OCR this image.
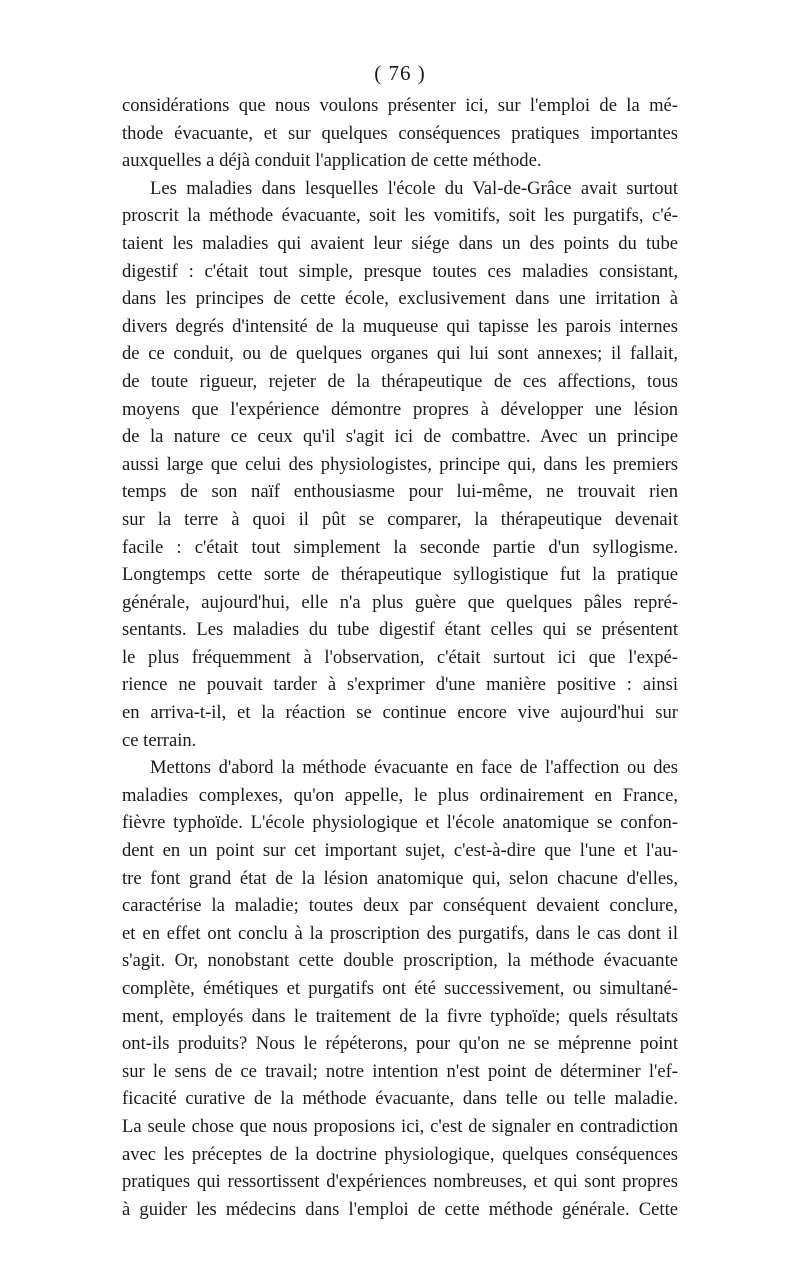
( 76 )
considérations que nous voulons présenter ici, sur l'emploi de la mé-
thode évacuante, et sur quelques conséquences pratiques importantes
auxquelles a déjà conduit l'application de cette méthode.
Les maladies dans lesquelles l'école du Val-de-Grâce avait surtout
proscrit la méthode évacuante, soit les vomitifs, soit les purgatifs, c'é-
taient les maladies qui avaient leur siége dans un des points du tube
digestif : c'était tout simple, presque toutes ces maladies consistant,
dans les principes de cette école, exclusivement dans une irritation à
divers degrés d'intensité de la muqueuse qui tapisse les parois internes
de ce conduit, ou de quelques organes qui lui sont annexes; il fallait,
de toute rigueur, rejeter de la thérapeutique de ces affections, tous
moyens que l'expérience démontre propres à développer une lésion
de la nature ce ceux qu'il s'agit ici de combattre. Avec un principe
aussi large que celui des physiologistes, principe qui, dans les premiers
temps de son naïf enthousiasme pour lui-même, ne trouvait rien
sur la terre à quoi il pût se comparer, la thérapeutique devenait
facile : c'était tout simplement la seconde partie d'un syllogisme.
Longtemps cette sorte de thérapeutique syllogistique fut la pratique
générale, aujourd'hui, elle n'a plus guère que quelques pâles repré-
sentants. Les maladies du tube digestif étant celles qui se présentent
le plus fréquemment à l'observation, c'était surtout ici que l'expé-
rience ne pouvait tarder à s'exprimer d'une manière positive : ainsi
en arriva-t-il, et la réaction se continue encore vive aujourd'hui sur
ce terrain.
Mettons d'abord la méthode évacuante en face de l'affection ou des
maladies complexes, qu'on appelle, le plus ordinairement en France,
fièvre typhoïde. L'école physiologique et l'école anatomique se confon-
dent en un point sur cet important sujet, c'est-à-dire que l'une et l'au-
tre font grand état de la lésion anatomique qui, selon chacune d'elles,
caractérise la maladie; toutes deux par conséquent devaient conclure,
et en effet ont conclu à la proscription des purgatifs, dans le cas dont il
s'agit. Or, nonobstant cette double proscription, la méthode évacuante
complète, émétiques et purgatifs ont été successivement, ou simultané-
ment, employés dans le traitement de la fivre typhoïde; quels résultats
ont-ils produits? Nous le répéterons, pour qu'on ne se méprenne point
sur le sens de ce travail; notre intention n'est point de déterminer l'ef-
ficacité curative de la méthode évacuante, dans telle ou telle maladie.
La seule chose que nous proposions ici, c'est de signaler en contradiction
avec les préceptes de la doctrine physiologique, quelques conséquences
pratiques qui ressortissent d'expériences nombreuses, et qui sont propres
à guider les médecins dans l'emploi de cette méthode générale. Cette
